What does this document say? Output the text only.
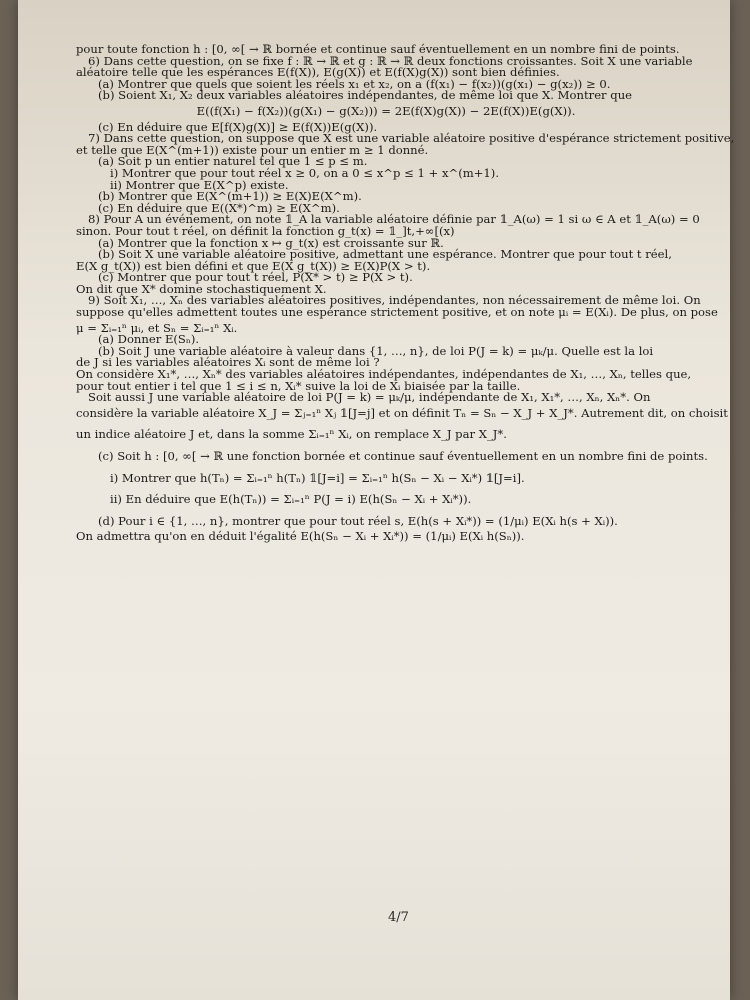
pour toute fonction h : [0, ∞[ → ℝ bornée et continue sauf éventuellement en un nombre fini de points.

6) Dans cette question, on se fixe f : ℝ → ℝ et g : ℝ → ℝ deux fonctions croissantes. Soit X une variable

aléatoire telle que les espérances E(f(X)), E(g(X)) et E(f(X)g(X)) sont bien définies.

(a) Montrer que quels que soient les réels x₁ et x₂, on a (f(x₁) − f(x₂))(g(x₁) − g(x₂)) ≥ 0.

(b) Soient X₁, X₂ deux variables aléatoires indépendantes, de même loi que X. Montrer que

E((f(X₁) − f(X₂))(g(X₁) − g(X₂))) = 2E(f(X)g(X)) − 2E(f(X))E(g(X)).

(c) En déduire que E[f(X)g(X)] ≥ E(f(X))E(g(X)).

7) Dans cette question, on suppose que X est une variable aléatoire positive d'espérance strictement positive,

et telle que E(X^(m+1)) existe pour un entier m ≥ 1 donné.

(a) Soit p un entier naturel tel que 1 ≤ p ≤ m.

i) Montrer que pour tout réel x ≥ 0, on a 0 ≤ x^p ≤ 1 + x^(m+1).

ii) Montrer que E(X^p) existe.

(b) Montrer que E(X^(m+1)) ≥ E(X)E(X^m).

(c) En déduire que E((X*)^m) ≥ E(X^m).

8) Pour A un événement, on note 𝟙_A la variable aléatoire définie par 𝟙_A(ω) = 1 si ω ∈ A et 𝟙_A(ω) = 0

sinon. Pour tout t réel, on définit la fonction g_t(x) = 𝟙_]t,+∞[(x)

(a) Montrer que la fonction x ↦ g_t(x) est croissante sur ℝ.

(b) Soit X une variable aléatoire positive, admettant une espérance. Montrer que pour tout t réel,

E(X g_t(X)) est bien défini et que E(X g_t(X)) ≥ E(X)P(X > t).

(c) Montrer que pour tout t réel, P(X* > t) ≥ P(X > t).

On dit que X* domine stochastiquement X.

9) Soit X₁, …, Xₙ des variables aléatoires positives, indépendantes, non nécessairement de même loi. On

suppose qu'elles admettent toutes une espérance strictement positive, et on note μᵢ = E(Xᵢ). De plus, on pose

μ = Σᵢ₌₁ⁿ μᵢ, et Sₙ = Σᵢ₌₁ⁿ Xᵢ.

(a) Donner E(Sₙ).

(b) Soit J une variable aléatoire à valeur dans {1, …, n}, de loi P(J = k) = μₖ/μ. Quelle est la loi

de J si les variables aléatoires Xᵢ sont de même loi ?

On considère X₁*, …, Xₙ* des variables aléatoires indépendantes, indépendantes de X₁, …, Xₙ, telles que,

pour tout entier i tel que 1 ≤ i ≤ n, Xᵢ* suive la loi de Xᵢ biaisée par la taille.

Soit aussi J une variable aléatoire de loi P(J = k) = μₖ/μ, indépendante de X₁, X₁*, …, Xₙ, Xₙ*. On

considère la variable aléatoire X_J = Σⱼ₌₁ⁿ Xⱼ 𝟙[J=j] et on définit Tₙ = Sₙ − X_J + X_J*. Autrement dit, on choisit

un indice aléatoire J et, dans la somme Σᵢ₌₁ⁿ Xᵢ, on remplace X_J par X_J*.

(c) Soit h : [0, ∞[ → ℝ une fonction bornée et continue sauf éventuellement en un nombre fini de points.

i) Montrer que h(Tₙ) = Σᵢ₌₁ⁿ h(Tₙ) 𝟙[J=i] = Σᵢ₌₁ⁿ h(Sₙ − Xᵢ − Xᵢ*) 𝟙[J=i].

ii) En déduire que E(h(Tₙ)) = Σᵢ₌₁ⁿ P(J = i) E(h(Sₙ − Xᵢ + Xᵢ*)).

(d) Pour i ∈ {1, …, n}, montrer que pour tout réel s, E(h(s + Xᵢ*)) = (1/μᵢ) E(Xᵢ h(s + Xᵢ)).

On admettra qu'on en déduit l'égalité E(h(Sₙ − Xᵢ + Xᵢ*)) = (1/μᵢ) E(Xᵢ h(Sₙ)).

4/7
